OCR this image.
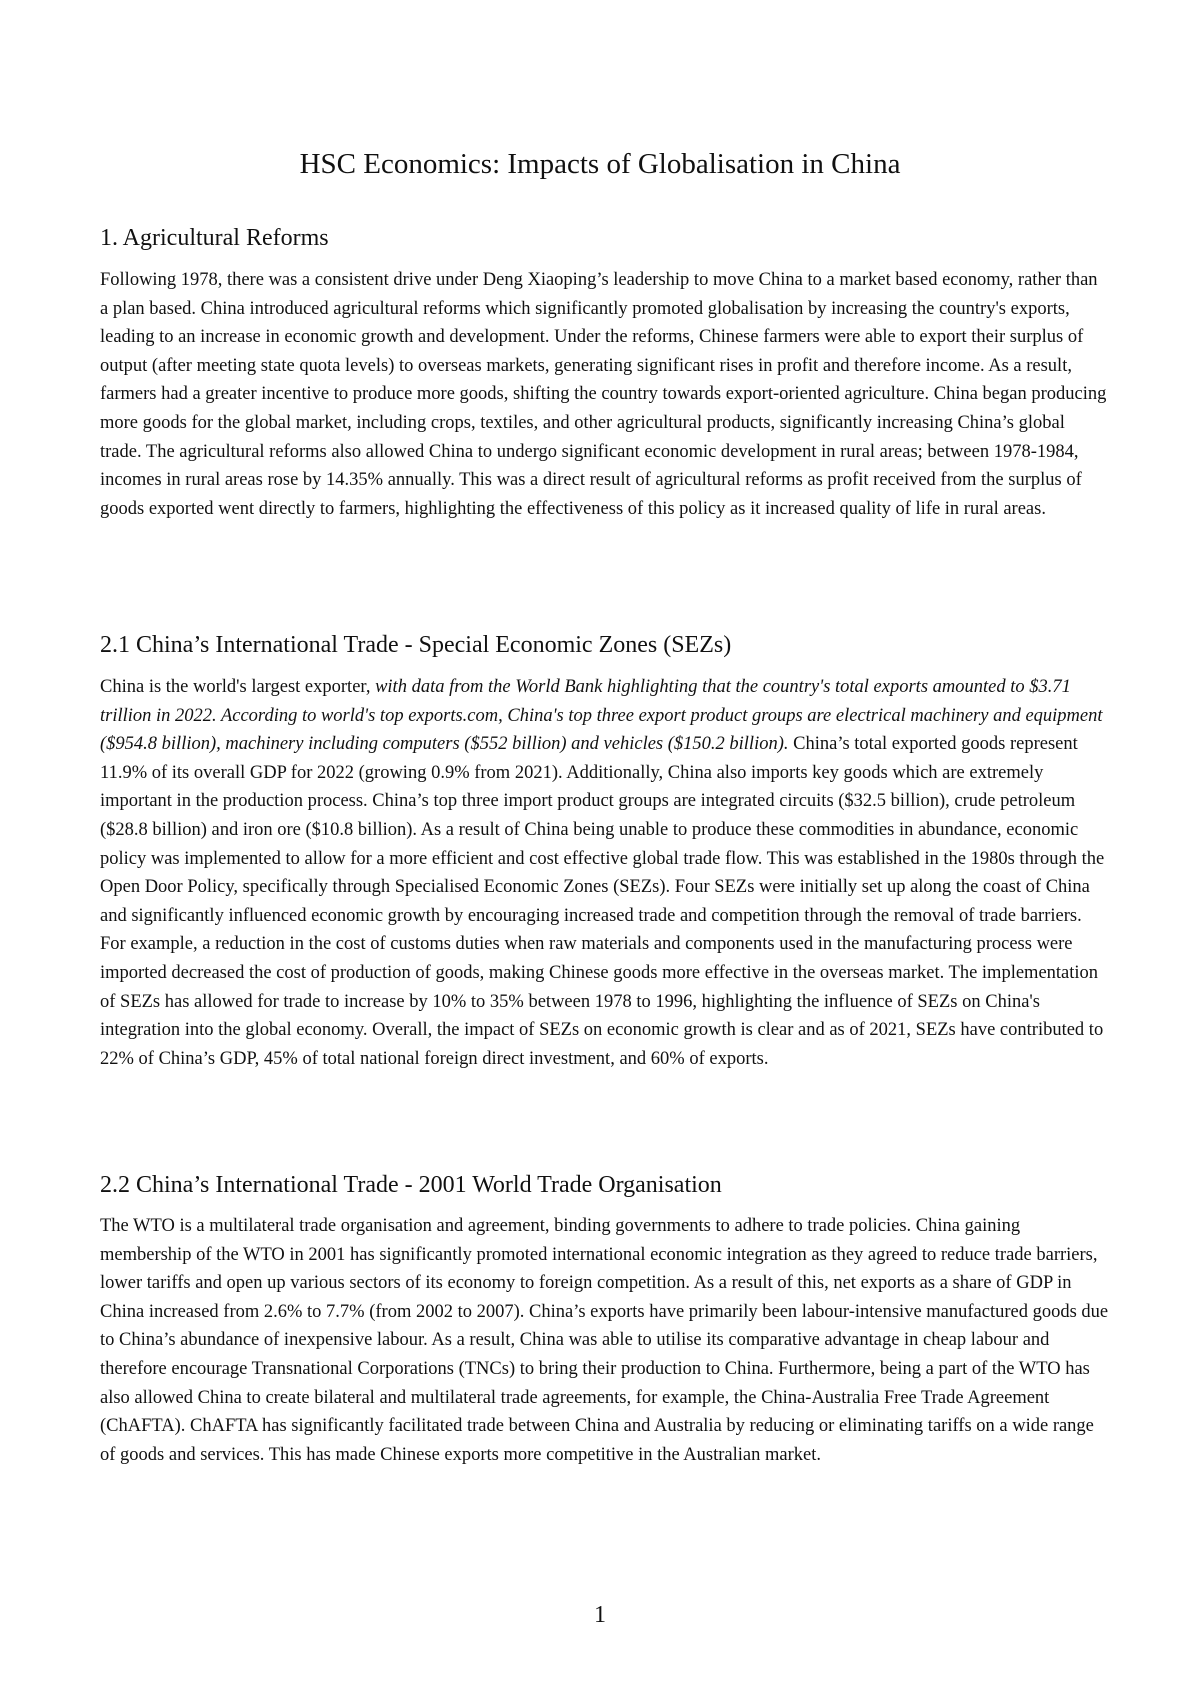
HSC Economics: Impacts of Globalisation in China
1. Agricultural Reforms

Following 1978, there was a consistent drive under Deng Xiaoping’s leadership to move China to a market based economy, rather than a plan based. China introduced agricultural reforms which significantly promoted globalisation by increasing the country's exports, leading to an increase in economic growth and development. Under the reforms, Chinese farmers were able to export their surplus of output (after meeting state quota levels) to overseas markets, generating significant rises in profit and therefore income. As a result, farmers had a greater incentive to produce more goods, shifting the country towards export-oriented agriculture. China began producing more goods for the global market, including crops, textiles, and other agricultural products, significantly increasing China’s global trade. The agricultural reforms also allowed China to undergo significant economic development in rural areas; between 1978-1984, incomes in rural areas rose by 14.35% annually. This was a direct result of agricultural reforms as profit received from the surplus of goods exported went directly to farmers, highlighting the effectiveness of this policy as it increased quality of life in rural areas.

2.1 China’s International Trade - Special Economic Zones (SEZs)

China is the world's largest exporter, with data from the World Bank highlighting that the country's total exports amounted to $3.71 trillion in 2022. According to world's top exports.com, China's top three export product groups are electrical machinery and equipment ($954.8 billion), machinery including computers ($552 billion) and vehicles ($150.2 billion). China’s total exported goods represent 11.9% of its overall GDP for 2022 (growing 0.9% from 2021). Additionally, China also imports key goods which are extremely important in the production process. China’s top three import product groups are integrated circuits ($32.5 billion), crude petroleum ($28.8 billion) and iron ore ($10.8 billion). As a result of China being unable to produce these commodities in abundance, economic policy was implemented to allow for a more efficient and cost effective global trade flow. This was established in the 1980s through the Open Door Policy, specifically through Specialised Economic Zones (SEZs). Four SEZs were initially set up along the coast of China and significantly influenced economic growth by encouraging increased trade and competition through the removal of trade barriers. For example, a reduction in the cost of customs duties when raw materials and components used in the manufacturing process were imported decreased the cost of production of goods, making Chinese goods more effective in the overseas market. The implementation of SEZs has allowed for trade to increase by 10% to 35% between 1978 to 1996, highlighting the influence of SEZs on China's integration into the global economy. Overall, the impact of SEZs on economic growth is clear and as of 2021, SEZs have contributed to 22% of China’s GDP, 45% of total national foreign direct investment, and 60% of exports.

2.2 China’s International Trade - 2001 World Trade Organisation

The WTO is a multilateral trade organisation and agreement, binding governments to adhere to trade policies. China gaining membership of the WTO in 2001 has significantly promoted international economic integration as they agreed to reduce trade barriers, lower tariffs and open up various sectors of its economy to foreign competition. As a result of this, net exports as a share of GDP in China increased from 2.6% to 7.7% (from 2002 to 2007). China’s exports have primarily been labour-intensive manufactured goods due to China’s abundance of inexpensive labour. As a result, China was able to utilise its comparative advantage in cheap labour and therefore encourage Transnational Corporations (TNCs) to bring their production to China. Furthermore, being a part of the WTO has also allowed China to create bilateral and multilateral trade agreements, for example, the China-Australia Free Trade Agreement (ChAFTA). ChAFTA has significantly facilitated trade between China and Australia by reducing or eliminating tariffs on a wide range of goods and services. This has made Chinese exports more competitive in the Australian market.

1
